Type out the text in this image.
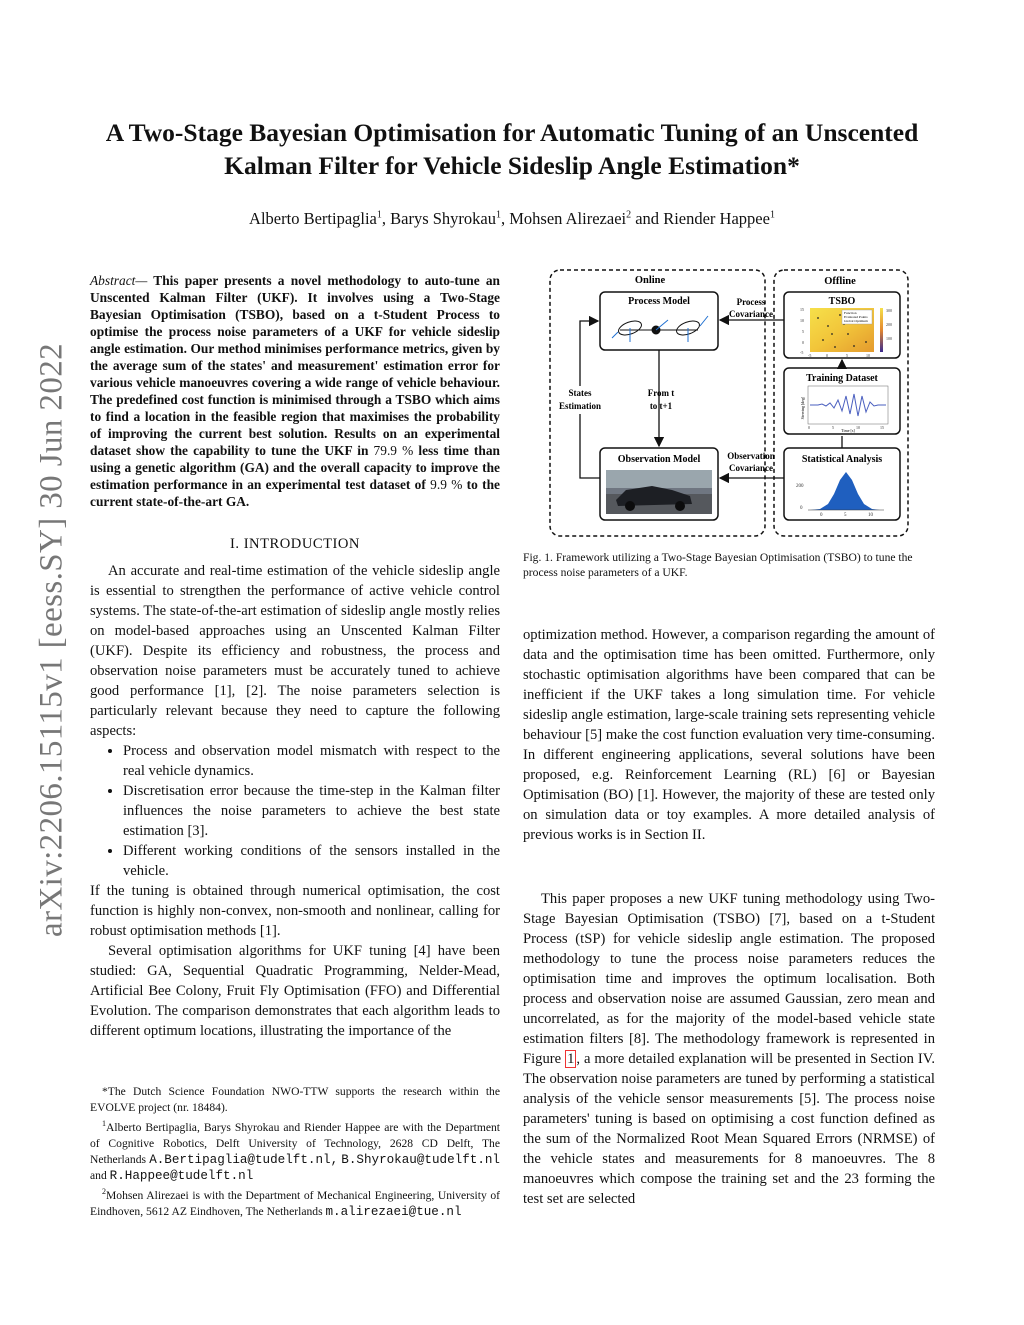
A Two-Stage Bayesian Optimisation for Automatic Tuning of an Unscented Kalman Filter for Vehicle Sideslip Angle Estimation*
Alberto Bertipaglia$^1$, Barys Shyrokau$^1$, Mohsen Alirezaei$^2$ and Riender Happee$^1$
arXiv:2206.15115v1 [eess.SY] 30 Jun 2022
Abstract— This paper presents a novel methodology to auto-tune an Unscented Kalman Filter (UKF). It involves using a Two-Stage Bayesian Optimisation (TSBO), based on a t-Student Process to optimise the process noise parameters of a UKF for vehicle sideslip angle estimation. Our method minimises performance metrics, given by the average sum of the states' and measurement' estimation error for various vehicle manoeuvres covering a wide range of vehicle behaviour. The predefined cost function is minimised through a TSBO which aims to find a location in the feasible region that maximises the probability of improving the current best solution. Results on an experimental dataset show the capability to tune the UKF in 79.9 % less time than using a genetic algorithm (GA) and the overall capacity to improve the estimation performance in an experimental test dataset of 9.9 % to the current state-of-the-art GA.
I. INTRODUCTION

An accurate and real-time estimation of the vehicle sideslip angle is essential to strengthen the performance of active vehicle control systems. The state-of-the-art estimation of sideslip angle mostly relies on model-based approaches using an Unscented Kalman Filter (UKF). Despite its efficiency and robustness, the process and observation noise parameters must be accurately tuned to achieve good performance [1], [2]. The noise parameters selection is particularly relevant because they need to capture the following aspects:

• Process and observation model mismatch with respect to the real vehicle dynamics.
• Discretisation error because the time-step in the Kalman filter influences the noise parameters to achieve the best state estimation [3].
• Different working conditions of the sensors installed in the vehicle.

If the tuning is obtained through numerical optimisation, the cost function is highly non-convex, non-smooth and nonlinear, calling for robust optimisation methods [1].

Several optimisation algorithms for UKF tuning [4] have been studied: GA, Sequential Quadratic Programming, Nelder-Mead, Artificial Bee Colony, Fruit Fly Optimisation (FFO) and Differential Evolution. The comparison demonstrates that each algorithm leads to different optimum locations, illustrating the importance of the

*The Dutch Science Foundation NWO-TTW supports the research within the EVOLVE project (nr. 18484).

$^1$Alberto Bertipaglia, Barys Shyrokau and Riender Happee are with the Department of Cognitive Robotics, Delft University of Technology, 2628 CD Delft, The Netherlands A.Bertipaglia@tudelft.nl, B.Shyrokau@tudelft.nl and R.Happee@tudelft.nl

$^2$Mohsen Alirezaei is with the Department of Mechanical Engineering, University of Eindhoven, 5612 AZ Eindhoven, The Netherlands m.alirezaei@tue.nl

Online	Offline
Process Model	Process
Covariance
TSBO
Function
Evaluated Points
Global Optimum
15
10
5
0
-5
-5	0	5	10
300
200
100
Training Dataset
Steering [deg]
Time [s]
0	5	10	15
Statistical Analysis
200
0
0	5	10
Observation Model	Observation
Covariance
From t
to t+1
States
Estimation
Fig. 1. Framework utilizing a Two-Stage Bayesian Optimisation (TSBO) to tune the process noise parameters of a UKF.

optimization method. However, a comparison regarding the amount of data and the optimisation time has been omitted. Furthermore, only stochastic optimisation algorithms have been compared that can be inefficient if the UKF takes a long simulation time. For vehicle sideslip angle estimation, large-scale training sets representing vehicle behaviour [5] make the cost function evaluation very time-consuming. In different engineering applications, several solutions have been proposed, e.g. Reinforcement Learning (RL) [6] or Bayesian Optimisation (BO) [1]. However, the majority of these are tested only on simulation data or toy examples. A more detailed analysis of previous works is in Section II.

This paper proposes a new UKF tuning methodology using Two-Stage Bayesian Optimisation (TSBO) [7], based on a t-Student Process (tSP) for vehicle sideslip angle estimation. The proposed methodology to tune the process noise parameters reduces the optimisation time and improves the optimum localisation. Both process and observation noise are assumed Gaussian, zero mean and uncorrelated, as for the majority of the model-based vehicle state estimation filters [8]. The methodology framework is represented in Figure 1 , a more detailed explanation will be presented in Section IV. The observation noise parameters are tuned by performing a statistical analysis of the vehicle sensor measurements [5]. The process noise parameters' tuning is based on optimising a cost function defined as the sum of the Normalized Root Mean Squared Errors (NRMSE) of the vehicle states and measurements for 8 manoeuvres. The 8 manoeuvres which compose the training set and the 23 forming the test set are selected
